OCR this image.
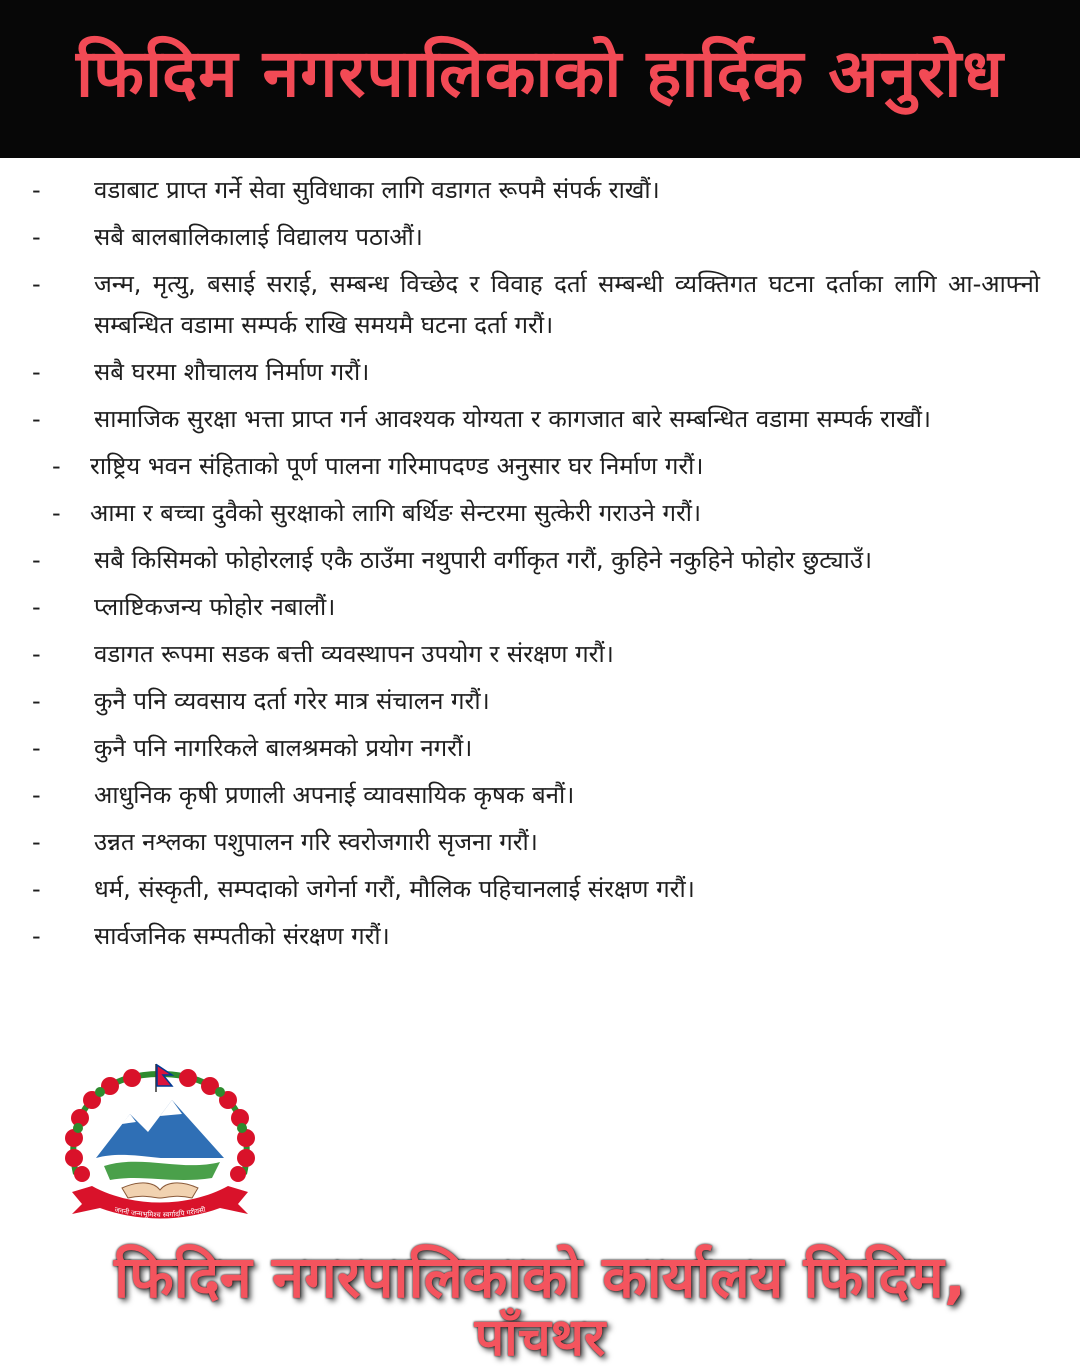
फिदिम नगरपालिकाको हार्दिक अनुरोध
-	वडाबाट प्राप्त गर्ने सेवा सुविधाका लागि वडागत रूपमै संपर्क राखौं।
-	सबै बालबालिकालाई विद्यालय पठाऔं।
-	जन्म, मृत्यु, बसाई सराई, सम्बन्ध विच्छेद र विवाह दर्ता सम्बन्धी व्यक्तिगत घटना दर्ताका लागि आ-आफ्नो सम्बन्धित वडामा सम्पर्क राखि समयमै घटना दर्ता गरौं।
-	सबै घरमा शौचालय निर्माण गरौं।
-	सामाजिक सुरक्षा भत्ता प्राप्त गर्न आवश्यक योग्यता र कागजात बारे सम्बन्धित वडामा सम्पर्क राखौं।
-	राष्ट्रिय भवन संहिताको पूर्ण पालना गरिमापदण्ड अनुसार घर निर्माण गरौं।
-	आमा र बच्चा दुवैको सुरक्षाको लागि बर्थिङ सेन्टरमा सुत्केरी गराउने गरौं।
-	सबै किसिमको फोहोरलाई एकै ठाउँमा नथुपारी वर्गीकृत गरौं, कुहिने नकुहिने फोहोर छुट्याउँ।
-	प्लाष्टिकजन्य फोहोर नबालौं।
-	वडागत रूपमा सडक बत्ती व्यवस्थापन उपयोग र संरक्षण गरौं।
-	कुनै पनि व्यवसाय दर्ता गरेर मात्र संचालन गरौं।
-	कुनै पनि नागरिकले बालश्रमको प्रयोग नगरौं।
-	आधुनिक कृषी प्रणाली अपनाई व्यावसायिक कृषक बनौं।
-	उन्नत नश्लका पशुपालन गरि स्वरोजगारी सृजना गरौं।
-	धर्म, संस्कृती, सम्पदाको जगेर्ना गरौं, मौलिक पहिचानलाई संरक्षण गरौं।
-	सार्वजनिक सम्पतीको संरक्षण गरौं।
जननी जन्मभूमिश्च स्वर्गादपि गरीयसी
फिदिन नगरपालिकाको कार्यालय फिदिम,
पाँचथर
